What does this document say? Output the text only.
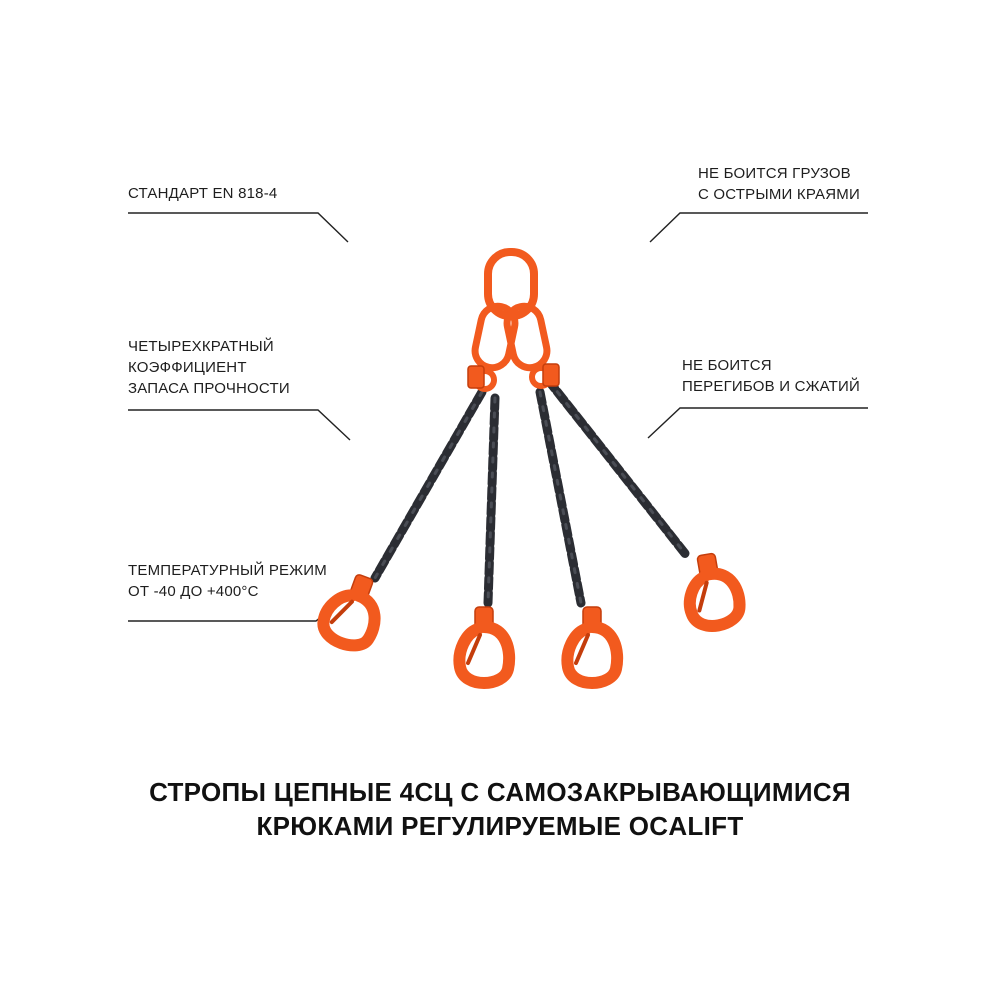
СТАНДАРТ EN 818-4
ЧЕТЫРЕХКРАТНЫЙ
КОЭФФИЦИЕНТ
ЗАПАСА ПРОЧНОСТИ
ТЕМПЕРАТУРНЫЙ РЕЖИМ
ОТ -40 ДО +400°С
НЕ БОИТСЯ ГРУЗОВ
С ОСТРЫМИ КРАЯМИ
НЕ БОИТСЯ
ПЕРЕГИБОВ И СЖАТИЙ
СТРОПЫ ЦЕПНЫЕ 4СЦ С САМОЗАКРЫВАЮЩИМИСЯ
КРЮКАМИ РЕГУЛИРУЕМЫЕ OCALIFT
